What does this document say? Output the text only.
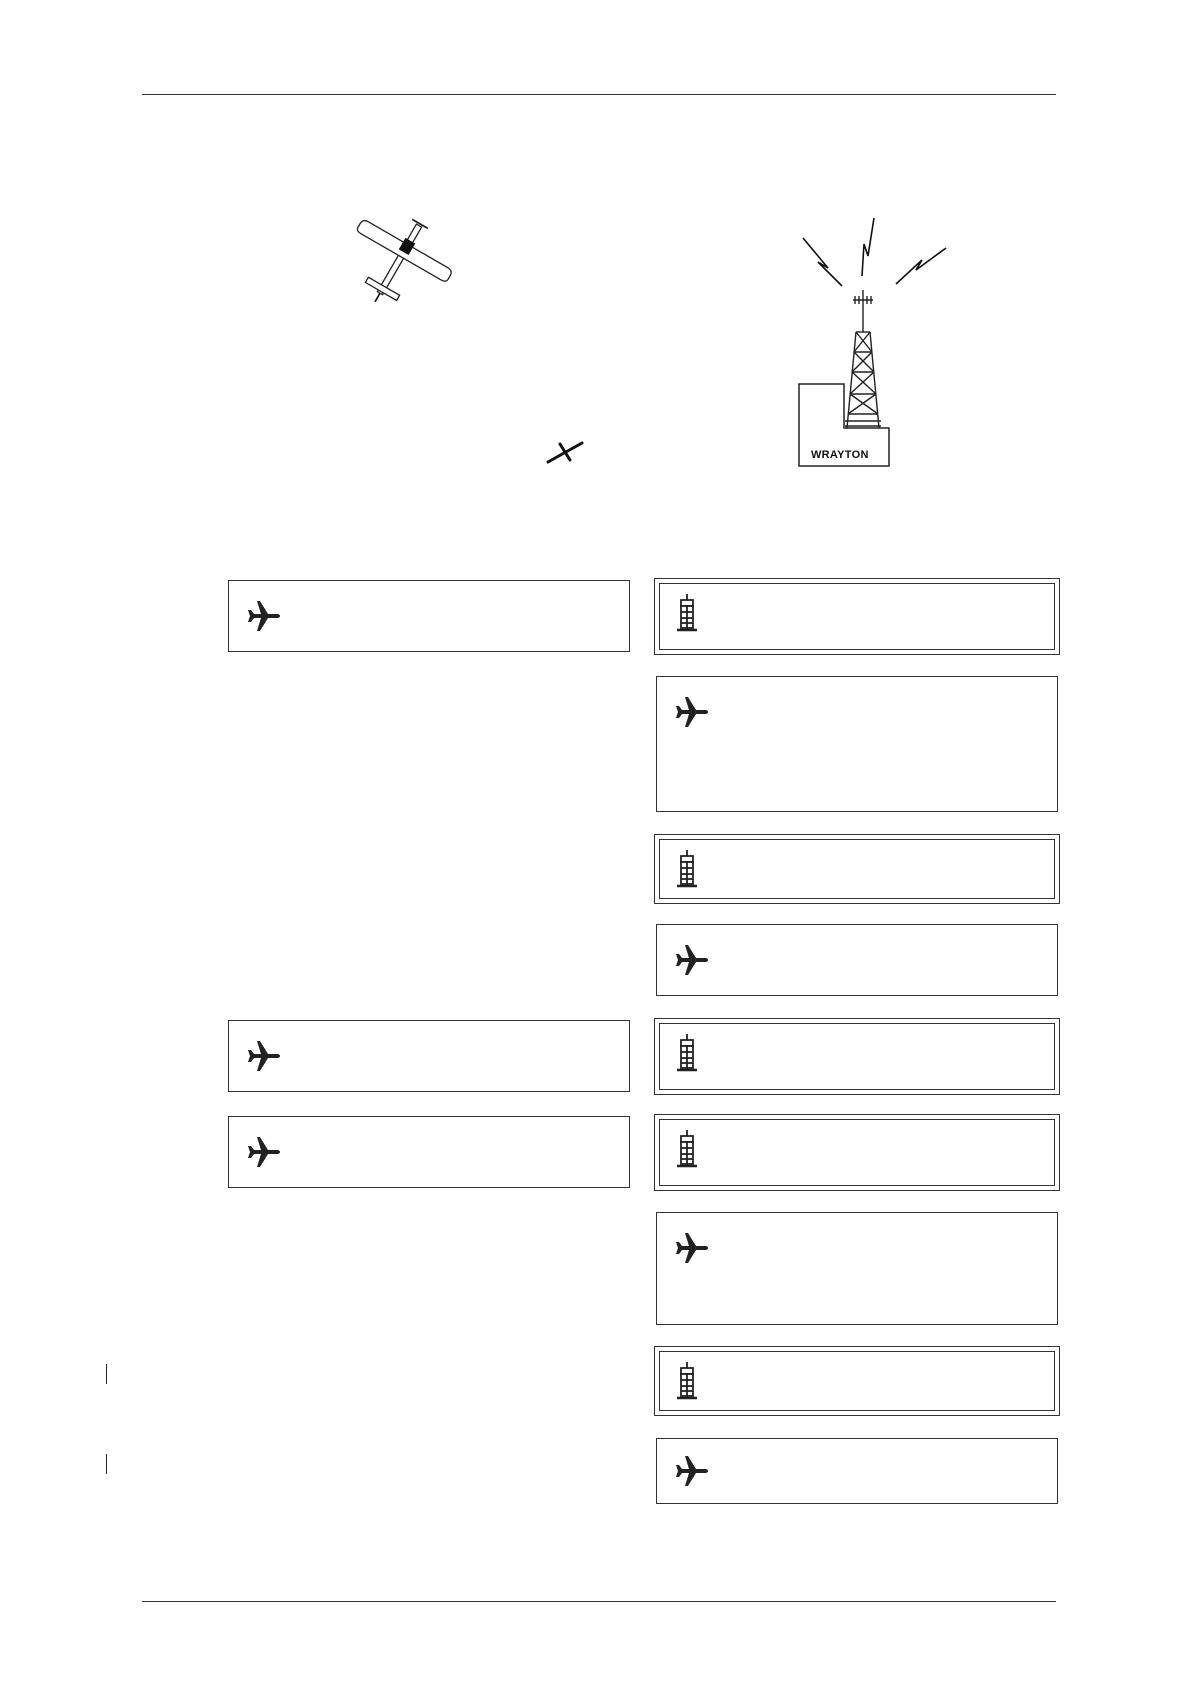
WRAYTON
